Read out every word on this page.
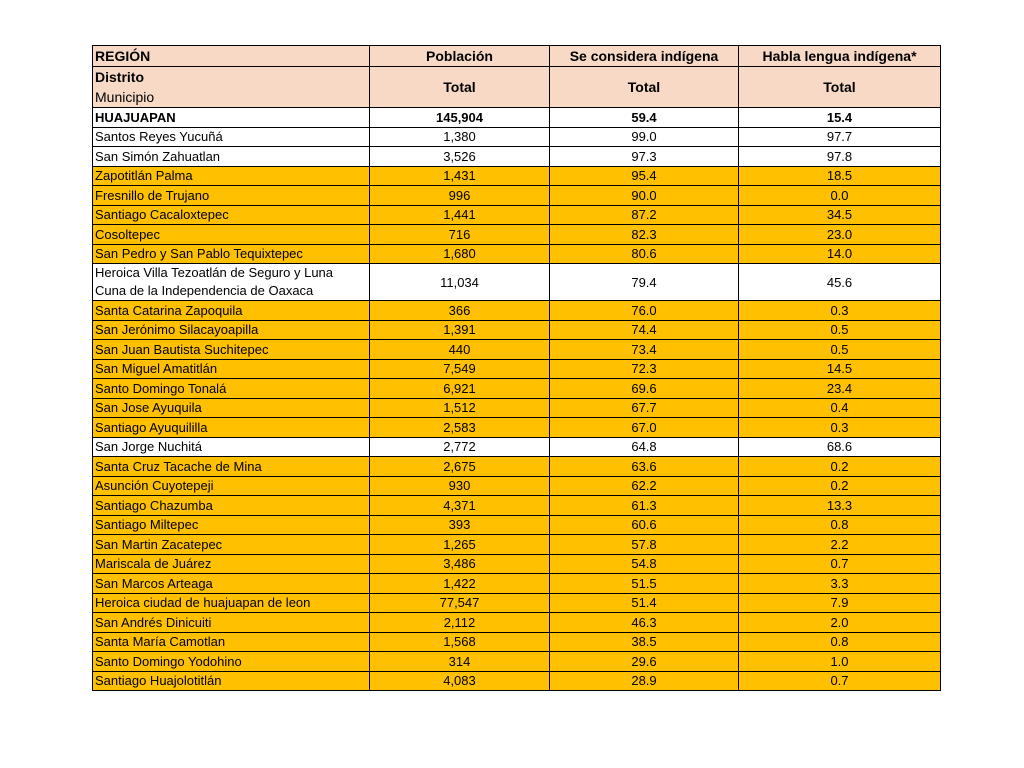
REGIÓN	Población	Se considera indígena	Habla lengua indígena*

Distrito
Municipio	Total	Total	Total
HUAJUAPAN	145,904	59.4	15.4
Santos Reyes Yucuñá	1,380	99.0	97.7
San Simón Zahuatlan	3,526	97.3	97.8
Zapotitlán Palma	1,431	95.4	18.5
Fresnillo de Trujano	996	90.0	0.0
Santiago Cacaloxtepec	1,441	87.2	34.5
Cosoltepec	716	82.3	23.0
San Pedro y San Pablo Tequixtepec	1,680	80.6	14.0
Heroica Villa Tezoatlán de Seguro y Luna Cuna de la Independencia de Oaxaca	11,034	79.4	45.6
Santa Catarina Zapoquila	366	76.0	0.3
San Jerónimo Silacayoapilla	1,391	74.4	0.5
San Juan Bautista Suchitepec	440	73.4	0.5
San Miguel Amatitlán	7,549	72.3	14.5
Santo Domingo Tonalá	6,921	69.6	23.4
San Jose Ayuquila	1,512	67.7	0.4
Santiago Ayuquililla	2,583	67.0	0.3
San Jorge Nuchitá	2,772	64.8	68.6
Santa Cruz Tacache de Mina	2,675	63.6	0.2
Asunción Cuyotepeji	930	62.2	0.2
Santiago Chazumba	4,371	61.3	13.3
Santiago Miltepec	393	60.6	0.8
San Martin Zacatepec	1,265	57.8	2.2
Mariscala de Juárez	3,486	54.8	0.7
San Marcos Arteaga	1,422	51.5	3.3
Heroica ciudad de huajuapan de leon	77,547	51.4	7.9
San Andrés Dinicuiti	2,112	46.3	2.0
Santa María Camotlan	1,568	38.5	0.8
Santo Domingo Yodohino	314	29.6	1.0
Santiago Huajolotitlán	4,083	28.9	0.7
